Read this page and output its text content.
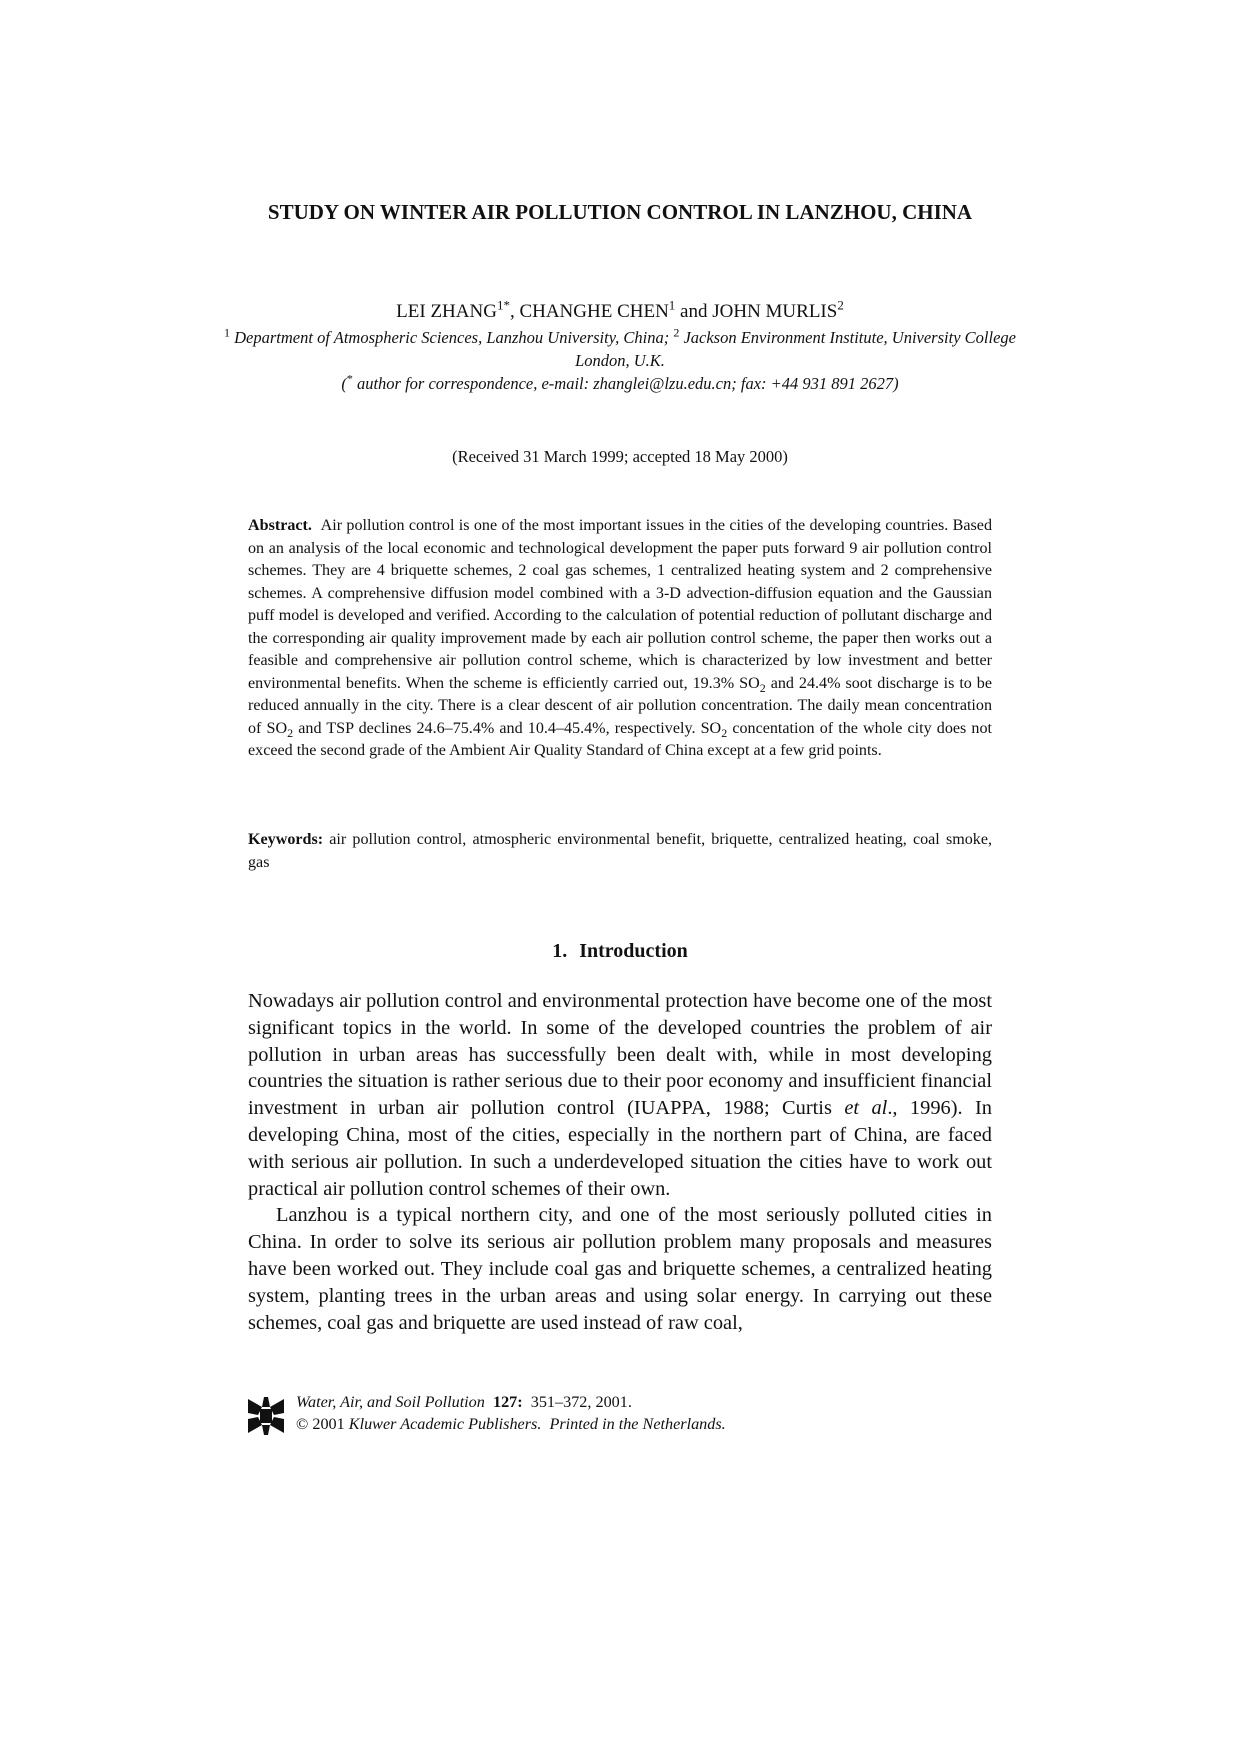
STUDY ON WINTER AIR POLLUTION CONTROL IN LANZHOU, CHINA
LEI $ZHANG^{1*}$, CHANGHE CHEN$^1$ and JOHN MURLIS$^2$
$^1$ Department of Atmospheric Sciences, Lanzhou University, China; $^2$ Jackson Environment Institute, University College London, U.K.
(* author for correspondence, e-mail: zhanglei@lzu.edu.cn; fax: +44 931 891 2627)
(Received 31 March 1999; accepted 18 May 2000)

Abstract. Air pollution control is one of the most important issues in the cities of the developing countries. Based on an analysis of the local economic and technological development the paper puts forward 9 air pollution control schemes. They are 4 briquette schemes, 2 coal gas schemes, 1 centralized heating system and 2 comprehensive schemes. A comprehensive diffusion model combined with a 3-D advection-diffusion equation and the Gaussian puff model is developed and verified. According to the calculation of potential reduction of pollutant discharge and the corresponding air quality improvement made by each air pollution control scheme, the paper then works out a feasible and comprehensive air pollution control scheme, which is characterized by low investment and better environmental benefits. When the scheme is efficiently carried out, 19.3% $SO_2$ and 24.4% soot discharge is to be reduced annually in the city. There is a clear descent of air pollution concentration. The daily mean concentration of $SO_2$ and TSP declines 24.6–75.4% and 10.4–45.4%, respectively. $SO_2$ concentation of the whole city does not exceed the second grade of the Ambient Air Quality Standard of China except at a few grid points.

Keywords: air pollution control, atmospheric environmental benefit, briquette, centralized heating, coal smoke, gas

1. Introduction

Nowadays air pollution control and environmental protection have become one of the most significant topics in the world. In some of the developed countries the problem of air pollution in urban areas has successfully been dealt with, while in most developing countries the situation is rather serious due to their poor economy and insufficient financial investment in urban air pollution control (IUAPPA, 1988; Curtis et al., 1996). In developing China, most of the cities, especially in the northern part of China, are faced with serious air pollution. In such a underdeveloped situation the cities have to work out practical air pollution control schemes of their own.

Lanzhou is a typical northern city, and one of the most seriously polluted cities in China. In order to solve its serious air pollution problem many proposals and measures have been worked out. They include coal gas and briquette schemes, a centralized heating system, planting trees in the urban areas and using solar energy. In carrying out these schemes, coal gas and briquette are used instead of raw coal,

Water, Air, and Soil Pollution 127: 351–372, 2001.
© 2001 Kluwer Academic Publishers. Printed in the Netherlands.
